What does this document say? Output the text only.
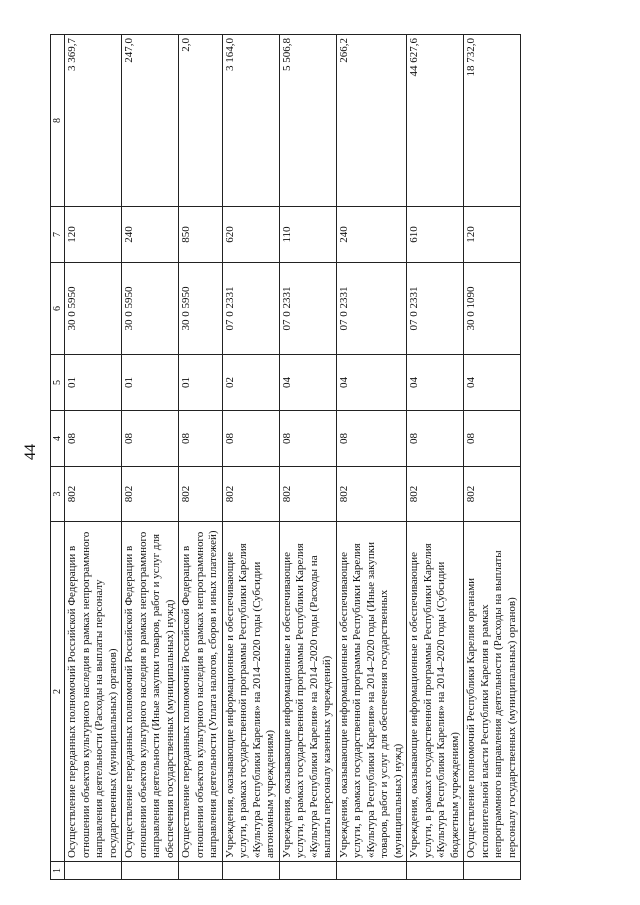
44
1	2	3	4	5	6	7	8
	Осуществление переданных полномочий Российской Федерации в отношении объектов культурного наследия в рамках непрограммного направления деятельности (Расходы на выплаты персоналу государственных (муниципальных) органов)	802	08	01	30 0 5950	120	3 369,7
	Осуществление переданных полномочий Российской Федерации в отношении объектов культурного наследия в рамках непрограммного направления деятельности (Иные закупки товаров, работ и услуг для обеспечения государственных (муниципальных) нужд)	802	08	01	30 0 5950	240	247,0
	Осуществление переданных полномочий Российской Федерации в отношении объектов культурного наследия в рамках непрограммного направления деятельности (Уплата налогов, сборов и иных платежей)	802	08	01	30 0 5950	850	2,0
	Учреждения, оказывающие информационные и обеспечивающие услуги, в рамках государственной программы Республики Карелия «Культура Республики Карелия» на 2014–2020 годы (Субсидии автономным учреждениям)	802	08	02	07 0 2331	620	3 164,0
	Учреждения, оказывающие информационные и обеспечивающие услуги, в рамках государственной программы Республики Карелия «Культура Республики Карелия» на 2014–2020 годы (Расходы на выплаты персоналу казенных учреждений)	802	08	04	07 0 2331	110	5 506,8
	Учреждения, оказывающие информационные и обеспечивающие услуги, в рамках государственной программы Республики Карелия «Культура Республики Карелия» на 2014–2020 годы (Иные закупки товаров, работ и услуг для обеспечения государственных (муниципальных) нужд)	802	08	04	07 0 2331	240	266,2
	Учреждения, оказывающие информационные и обеспечивающие услуги, в рамках государственной программы Республики Карелия «Культура Республики Карелия» на 2014–2020 годы (Субсидии бюджетным учреждениям)	802	08	04	07 0 2331	610	44 627,6
	Осуществление полномочий Республики Карелия органами исполнительной власти Республики Карелия в рамках непрограммного направления деятельности (Расходы на выплаты персоналу государственных (муниципальных) органов)	802	08	04	30 0 1090	120	18 732,0
